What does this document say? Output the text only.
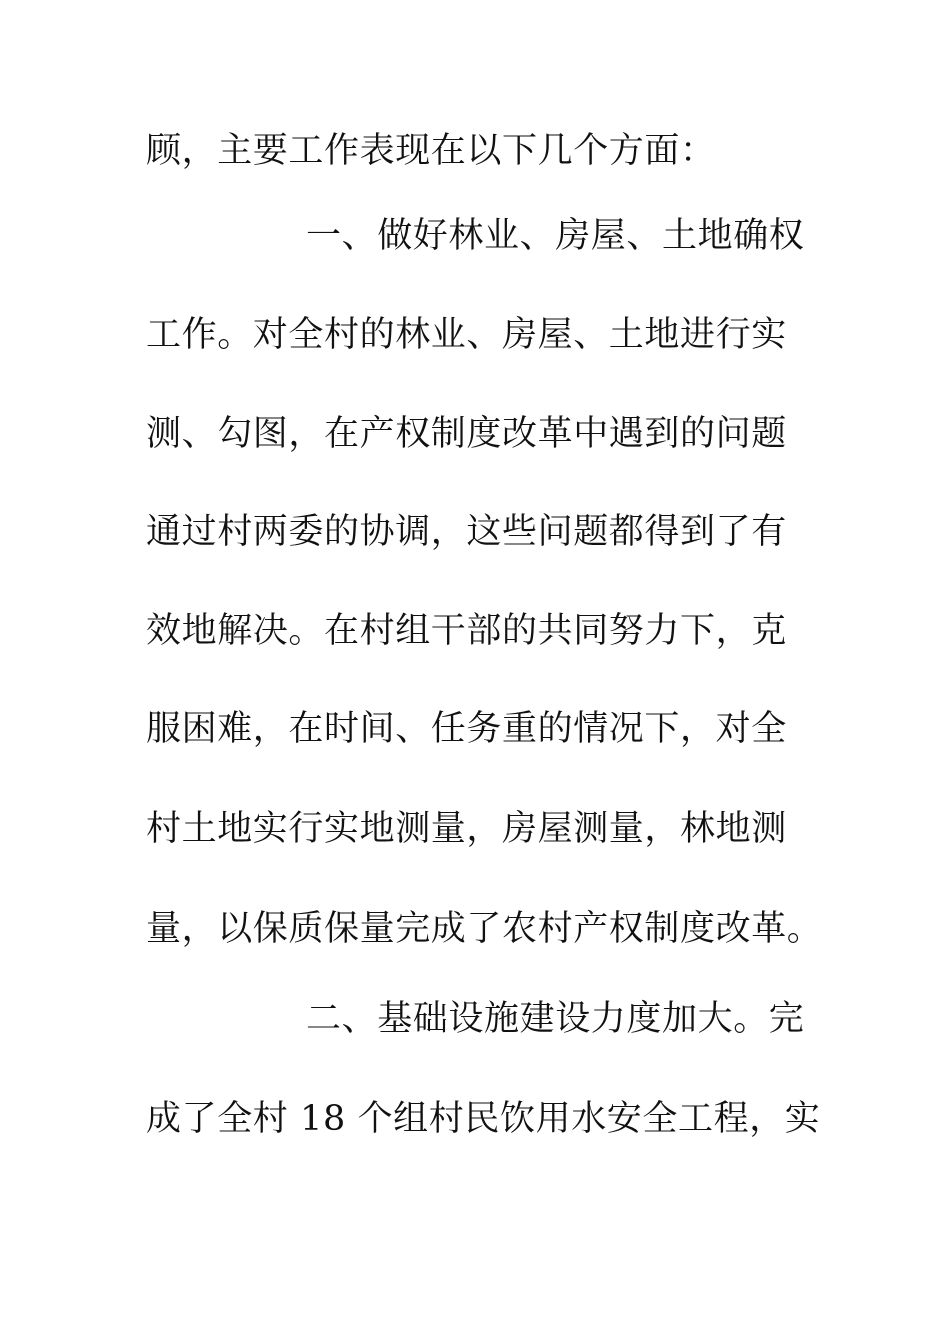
顾，主要工作表现在以下几个方面：
一、做好林业、房屋、土地确权
工作。对全村的林业、房屋、土地进行实
测、勾图，在产权制度改革中遇到的问题
通过村两委的协调，这些问题都得到了有
效地解决。在村组干部的共同努力下，克
服困难，在时间、任务重的情况下，对全
村土地实行实地测量，房屋测量，林地测
量，以保质保量完成了农村产权制度改革。
二、基础设施建设力度加大。完
成了全村 18 个组村民饮用水安全工程，实
